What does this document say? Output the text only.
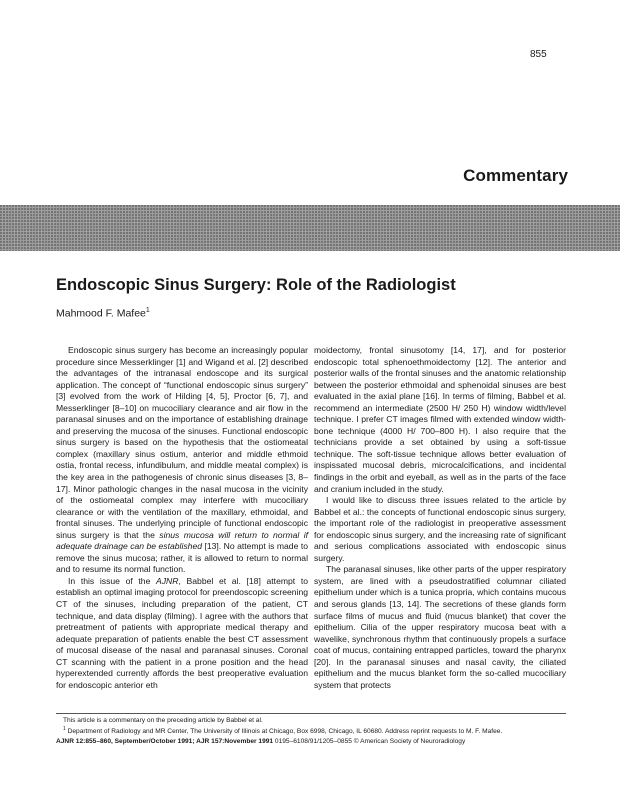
855
Commentary
Endoscopic Sinus Surgery: Role of the Radiologist
Mahmood F. Mafee$^1$

Endoscopic sinus surgery has become an increasingly popular procedure since Messerklinger [1] and Wigand et al. [2] described the advantages of the intranasal endoscope and its surgical application. The concept of “functional endoscopic sinus surgery” [3] evolved from the work of Hilding [4, 5], Proctor [6, 7], and Messerklinger [8–10] on mucociliary clearance and air flow in the paranasal sinuses and on the importance of establishing drainage and preserving the mucosa of the sinuses. Functional endoscopic sinus surgery is based on the hypothesis that the ostiomeatal complex (maxillary sinus ostium, anterior and middle ethmoid ostia, frontal recess, infundibulum, and middle meatal complex) is the key area in the pathogenesis of chronic sinus diseases [3, 8–17]. Minor pathologic changes in the nasal mucosa in the vicinity of the ostiomeatal complex may interfere with mucociliary clearance or with the ventilation of the maxillary, ethmoidal, and frontal sinuses. The underlying principle of functional endoscopic sinus surgery is that the sinus mucosa will return to normal if adequate drainage can be established [13]. No attempt is made to remove the sinus mucosa; rather, it is allowed to return to normal and to resume its normal function.

In this issue of the AJNR, Babbel et al. [18] attempt to establish an optimal imaging protocol for preendoscopic screening CT of the sinuses, including preparation of the patient, CT technique, and data display (filming). I agree with the authors that pretreatment of patients with appropriate medical therapy and adequate preparation of patients enable the best CT assessment of mucosal disease of the nasal and paranasal sinuses. Coronal CT scanning with the patient in a prone position and the head hyperextended currently affords the best preoperative evaluation for endoscopic anterior eth

moidectomy, frontal sinusotomy [14, 17], and for posterior endoscopic total sphenoethmoidectomy [12]. The anterior and posterior walls of the frontal sinuses and the anatomic relationship between the posterior ethmoidal and sphenoidal sinuses are best evaluated in the axial plane [16]. In terms of filming, Babbel et al. recommend an intermediate (2500 H/ 250 H) window width/level technique. I prefer CT images filmed with extended window width-bone technique (4000 H/ 700–800 H). I also require that the technicians provide a set obtained by using a soft-tissue technique. The soft-tissue technique allows better evaluation of inspissated mucosal debris, microcalcifications, and incidental findings in the orbit and eyeball, as well as in the parts of the face and cranium included in the study.

I would like to discuss three issues related to the article by Babbel et al.: the concepts of functional endoscopic sinus surgery, the important role of the radiologist in preoperative assessment for endoscopic sinus surgery, and the increasing rate of significant and serious complications associated with endoscopic sinus surgery.

The paranasal sinuses, like other parts of the upper respiratory system, are lined with a pseudostratified columnar ciliated epithelium under which is a tunica propria, which contains mucous and serous glands [13, 14]. The secretions of these glands form surface films of mucus and fluid (mucus blanket) that cover the epithelium. Cilia of the upper respiratory mucosa beat with a wavelike, synchronous rhythm that continuously propels a surface coat of mucus, containing entrapped particles, toward the pharynx [20]. In the paranasal sinuses and nasal cavity, the ciliated epithelium and the mucus blanket form the so-called mucociliary system that protects

This article is a commentary on the preceding article by Babbel et al.
$^1$ Department of Radiology and MR Center, The University of Illinois at Chicago, Box 6998, Chicago, IL 60680. Address reprint requests to M. F. Mafee.
AJNR 12:855–860, September/October 1991; AJR 157:November 1991 0195–6108/91/1205–0855 © American Society of Neuroradiology
